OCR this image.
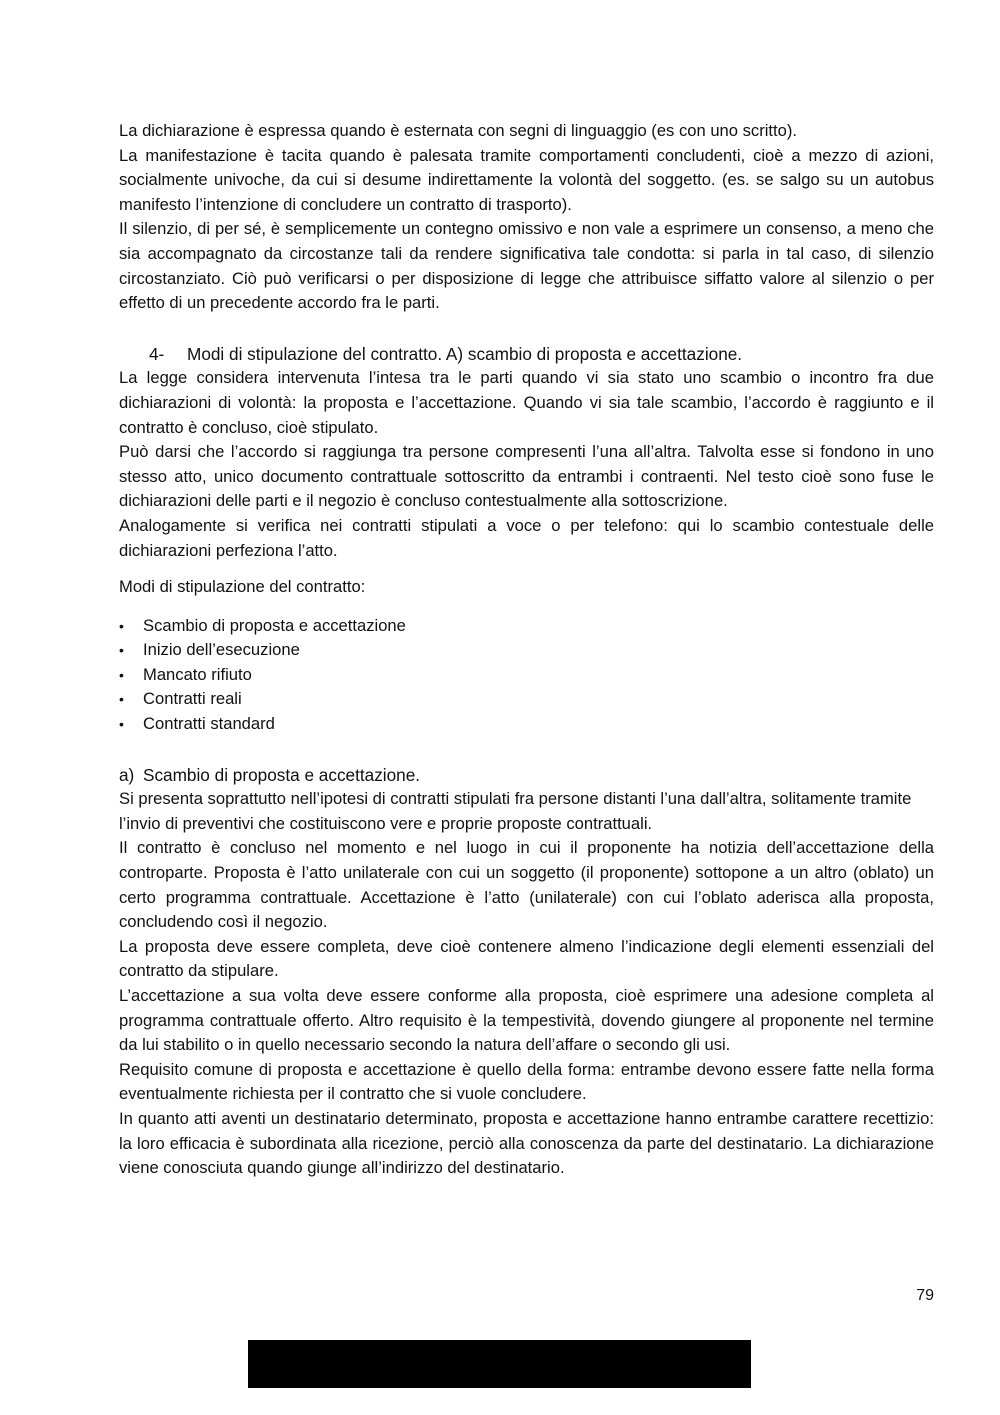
La dichiarazione è espressa quando è esternata con segni di linguaggio (es con uno scritto).

La manifestazione è tacita quando è palesata tramite comportamenti concludenti, cioè a mezzo di azioni, socialmente univoche, da cui si desume indirettamente la volontà del soggetto. (es. se salgo su un autobus manifesto l’intenzione di concludere un contratto di trasporto).

Il silenzio, di per sé, è semplicemente un contegno omissivo e non vale a esprimere un consenso, a meno che sia accompagnato da circostanze tali da rendere significativa tale condotta: si parla in tal caso, di silenzio circostanziato. Ciò può verificarsi o per disposizione di legge che attribuisce siffatto valore al silenzio o per effetto di un precedente accordo fra le parti.

4- Modi di stipulazione del contratto. A) scambio di proposta e accettazione.

La legge considera intervenuta l’intesa tra le parti quando vi sia stato uno scambio o incontro fra due dichiarazioni di volontà: la proposta e l’accettazione. Quando vi sia tale scambio, l’accordo è raggiunto e il contratto è concluso, cioè stipulato.

Può darsi che l’accordo si raggiunga tra persone compresenti l’una all’altra. Talvolta esse si fondono in uno stesso atto, unico documento contrattuale sottoscritto da entrambi i contraenti. Nel testo cioè sono fuse le dichiarazioni delle parti e il negozio è concluso contestualmente alla sottoscrizione.

Analogamente si verifica nei contratti stipulati a voce o per telefono: qui lo scambio contestuale delle dichiarazioni perfeziona l’atto.

Modi di stipulazione del contratto:

•	Scambio di proposta e accettazione
•	Inizio dell’esecuzione
•	Mancato rifiuto
•	Contratti reali
•	Contratti standard
a) Scambio di proposta e accettazione.

Si presenta soprattutto nell’ipotesi di contratti stipulati fra persone distanti l’una dall’altra, solitamente tramite l’invio di preventivi che costituiscono vere e proprie proposte contrattuali.

Il contratto è concluso nel momento e nel luogo in cui il proponente ha notizia dell’accettazione della controparte. Proposta è l’atto unilaterale con cui un soggetto (il proponente) sottopone a un altro (oblato) un certo programma contrattuale. Accettazione è l’atto (unilaterale) con cui l’oblato aderisca alla proposta, concludendo così il negozio.

La proposta deve essere completa, deve cioè contenere almeno l’indicazione degli elementi essenziali del contratto da stipulare.

L’accettazione a sua volta deve essere conforme alla proposta, cioè esprimere una adesione completa al programma contrattuale offerto. Altro requisito è la tempestività, dovendo giungere al proponente nel termine da lui stabilito o in quello necessario secondo la natura dell’affare o secondo gli usi.

Requisito comune di proposta e accettazione è quello della forma: entrambe devono essere fatte nella forma eventualmente richiesta per il contratto che si vuole concludere.

In quanto atti aventi un destinatario determinato, proposta e accettazione hanno entrambe carattere recettizio: la loro efficacia è subordinata alla ricezione, perciò alla conoscenza da parte del destinatario. La dichiarazione viene conosciuta quando giunge all’indirizzo del destinatario.

79
